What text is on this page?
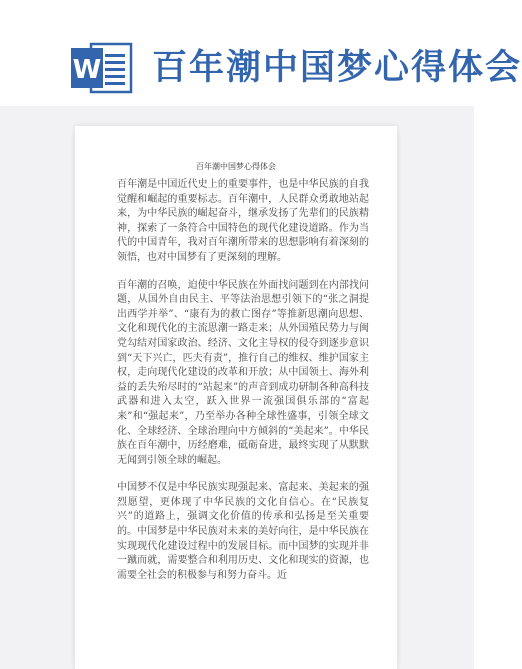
W 百年潮中国梦心得体会
百年潮中国梦心得体会

百年潮是中国近代史上的重要事件，也是中华民族的自我觉醒和崛起的重要标志。百年潮中，人民群众勇敢地站起来，为中华民族的崛起奋斗，继承发扬了先辈们的民族精神，探索了一条符合中国特色的现代化建设道路。作为当代的中国青年，我对百年潮所带来的思想影响有着深刻的领悟，也对中国梦有了更深刻的理解。

百年潮的召唤，迫使中华民族在外面找问题到在内部找问题，从国外自由民主、平等法治思想引领下的“张之洞提出西学并举”、“康有为的救亡图存”等推新思潮向思想、文化和现代化的主流思潮一路走来；从外国殖民势力与闽党勾结对国家政治、经济、文化主导权的侵夺到逐步意识到“天下兴亡，匹夫有责”，推行自己的维权、维护国家主权，走向现代化建设的改革和开放；从中国领土、海外利益的丢失殆尽时的“站起来”的声音到成功研制各种高科技武器和进入太空，跃入世界一流强国俱乐部的“富起来”和“强起来”，乃至举办各种全球性盛事，引领全球文化、全球经济、全球治理向中方倾斜的“美起来”。中华民族在百年潮中，历经磨难，砥砺奋进，最终实现了从默默无闻到引领全球的崛起。

中国梦不仅是中华民族实现强起来、富起来、美起来的强烈愿望，更体现了中华民族的文化自信心。在“民族复兴”的道路上，强调文化价值的传承和弘扬是至关重要的。中国梦是中华民族对未来的美好向往，是中华民族在实现现代化建设过程中的发展目标。而中国梦的实现并非一蹴而就，需要整合和利用历史、文化和现实的资源，也需要全社会的积极参与和努力奋斗。近
